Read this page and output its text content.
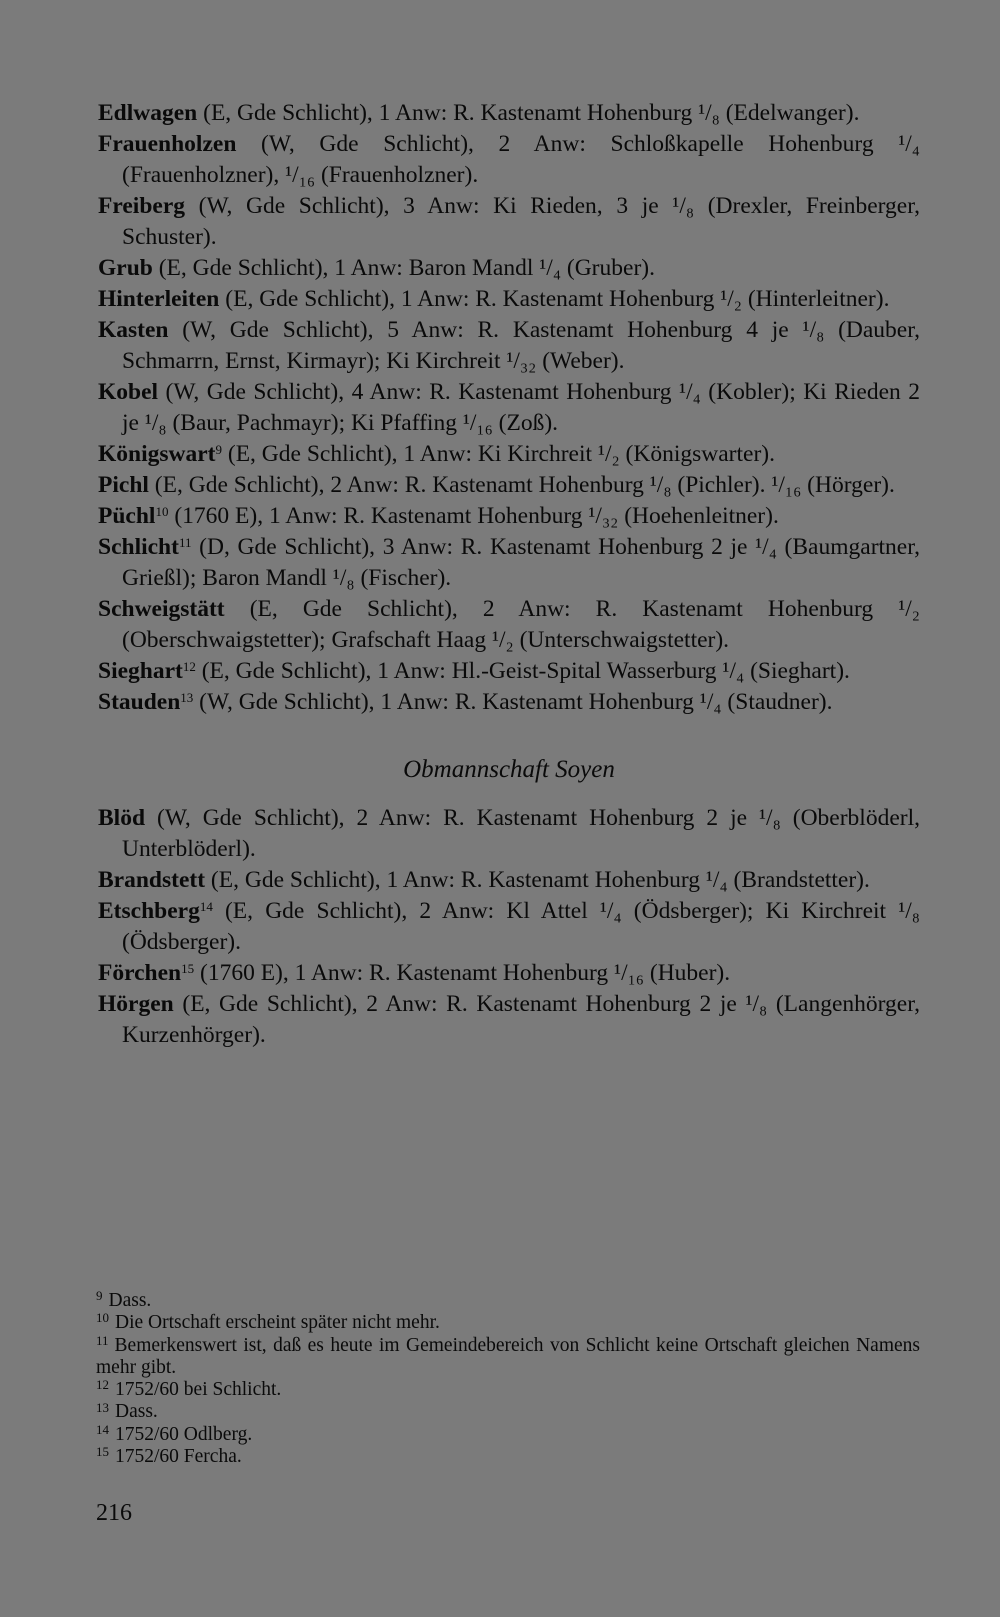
Edlwagen (E, Gde Schlicht), 1 Anw: R. Kastenamt Hohenburg ¹/₈ (Edelwanger).
Frauenholzen (W, Gde Schlicht), 2 Anw: Schloßkapelle Hohenburg ¹/₄ (Frauenholzner), ¹/₁₆ (Frauenholzner).
Freiberg (W, Gde Schlicht), 3 Anw: Ki Rieden, 3 je ¹/₈ (Drexler, Freinberger, Schuster).
Grub (E, Gde Schlicht), 1 Anw: Baron Mandl ¹/₄ (Gruber).
Hinterleiten (E, Gde Schlicht), 1 Anw: R. Kastenamt Hohenburg ¹/₂ (Hinterleitner).
Kasten (W, Gde Schlicht), 5 Anw: R. Kastenamt Hohenburg 4 je ¹/₈ (Dauber, Schmarrn, Ernst, Kirmayr); Ki Kirchreit ¹/₃₂ (Weber).
Kobel (W, Gde Schlicht), 4 Anw: R. Kastenamt Hohenburg ¹/₄ (Kobler); Ki Rieden 2 je ¹/₈ (Baur, Pachmayr); Ki Pfaffing ¹/₁₆ (Zoß).
Königswart$^9$ (E, Gde Schlicht), 1 Anw: Ki Kirchreit ¹/₂ (Königswarter).
Pichl (E, Gde Schlicht), 2 Anw: R. Kastenamt Hohenburg ¹/₈ (Pichler). ¹/₁₆ (Hörger).
Püchl$^{10}$ (1760 E), 1 Anw: R. Kastenamt Hohenburg ¹/₃₂ (Hoehenleitner).
Schlicht$^{11}$ (D, Gde Schlicht), 3 Anw: R. Kastenamt Hohenburg 2 je ¹/₄ (Baumgartner, Grießl); Baron Mandl ¹/₈ (Fischer).
Schweigstätt (E, Gde Schlicht), 2 Anw: R. Kastenamt Hohenburg ¹/₂ (Oberschwaigstetter); Grafschaft Haag ¹/₂ (Unterschwaigstetter).
Sieghart$^{12}$ (E, Gde Schlicht), 1 Anw: Hl.-Geist-Spital Wasserburg ¹/₄ (Sieghart).
Stauden$^{13}$ (W, Gde Schlicht), 1 Anw: R. Kastenamt Hohenburg ¹/₄ (Staudner).
Obmannschaft Soyen
Blöd (W, Gde Schlicht), 2 Anw: R. Kastenamt Hohenburg 2 je ¹/₈ (Oberblöderl, Unterblöderl).
Brandstett (E, Gde Schlicht), 1 Anw: R. Kastenamt Hohenburg ¹/₄ (Brandstetter).
Etschberg$^{14}$ (E, Gde Schlicht), 2 Anw: Kl Attel ¹/₄ (Ödsberger); Ki Kirchreit ¹/₈ (Ödsberger).
Förchen$^{15}$ (1760 E), 1 Anw: R. Kastenamt Hohenburg ¹/₁₆ (Huber).
Hörgen (E, Gde Schlicht), 2 Anw: R. Kastenamt Hohenburg 2 je ¹/₈ (Langenhörger, Kurzenhörger).
$^9$ Dass.
$^{10}$ Die Ortschaft erscheint später nicht mehr.
$^{11}$ Bemerkenswert ist, daß es heute im Gemeindebereich von Schlicht keine Ortschaft gleichen Namens mehr gibt.
$^{12}$ 1752/60 bei Schlicht.
$^{13}$ Dass.
$^{14}$ 1752/60 Odlberg.
$^{15}$ 1752/60 Fercha.
216
